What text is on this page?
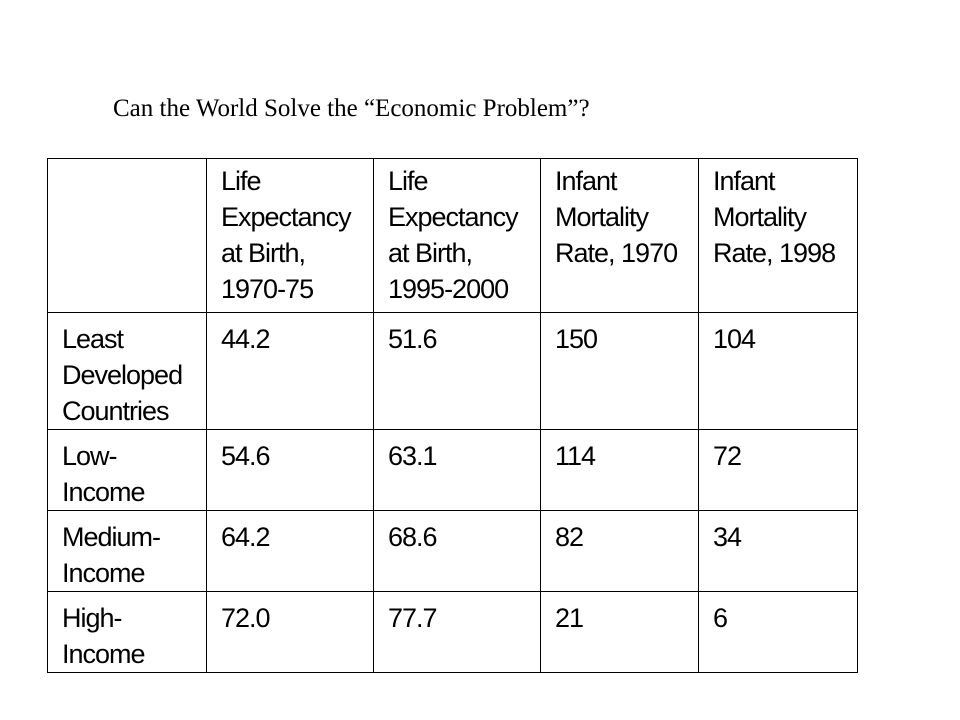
Can the World Solve the “Economic Problem”?

	Life
Expectancy
at Birth,
1970-75	Life
Expectancy
at Birth,
1995-2000	Infant
Mortality
Rate, 1970	Infant
Mortality
Rate, 1998

Least
Developed
Countries	44.2	51.6	150	104

Low-
Income	54.6	63.1	114	72

Medium-
Income	64.2	68.6	82	34

High-
Income	72.0	77.7	21	6
